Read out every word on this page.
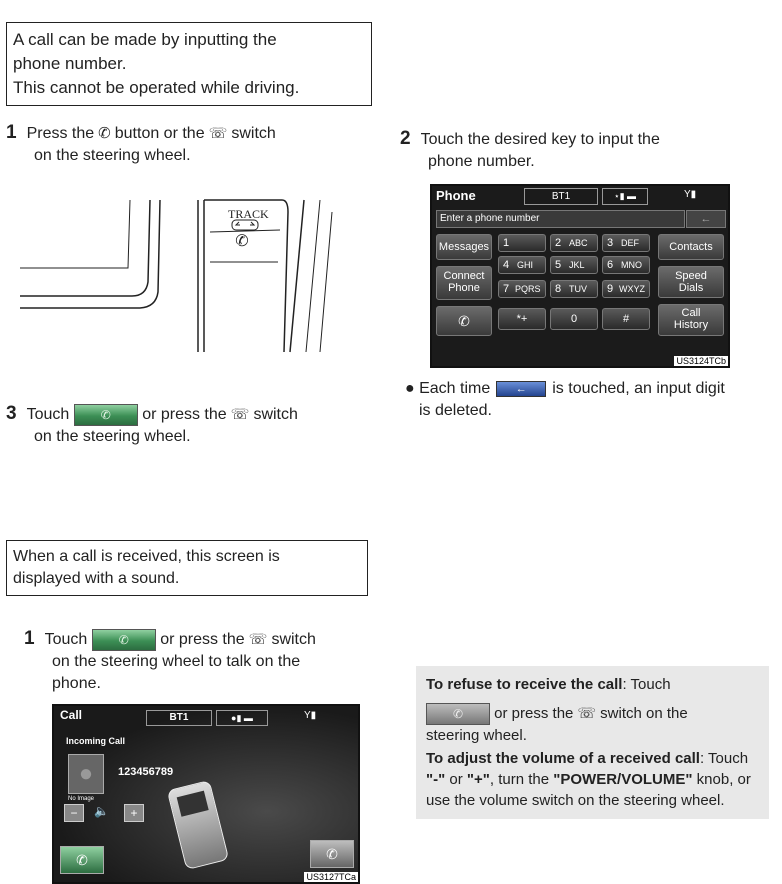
A call can be made by inputting the
phone number.
This cannot be operated while driving.
1 Press the ✆ button or the ☏ switch
on the steering wheel.
✆
TRACK
2 Touch the desired key to input the
phone number.
Phone	BT1	⋆▮ ▬	Y▮
Enter a phone number	←
Messages
Connect Phone
✆
1	2 ABC 3 DEF
4 GHI 5 JKL 6 MNO
7 PQRS 8 TUV 9 WXYZ
*+	0	#
Contacts
Speed Dials
Call History
US3124TCb
● Each time ← is touched, an input digit
is deleted.
3 Touch	✆ or press the ☏ switch
on the steering wheel.
When a call is received, this screen is
displayed with a sound.
1 Touch	✆ or press the ☏ switch
on the steering wheel to talk on the
phone.
Call	BT1	●▮ ▬	Y▮
Incoming Call
●	123456789
No Image
−	🔈	+
✆	✆
US3127TCa
To refuse to receive the call: Touch
✆ or press the ☏ switch on the
steering wheel.
To adjust the volume of a received call: Touch "-" or "+", turn the "POWER/VOLUME" knob, or use the volume switch on the steering wheel.
